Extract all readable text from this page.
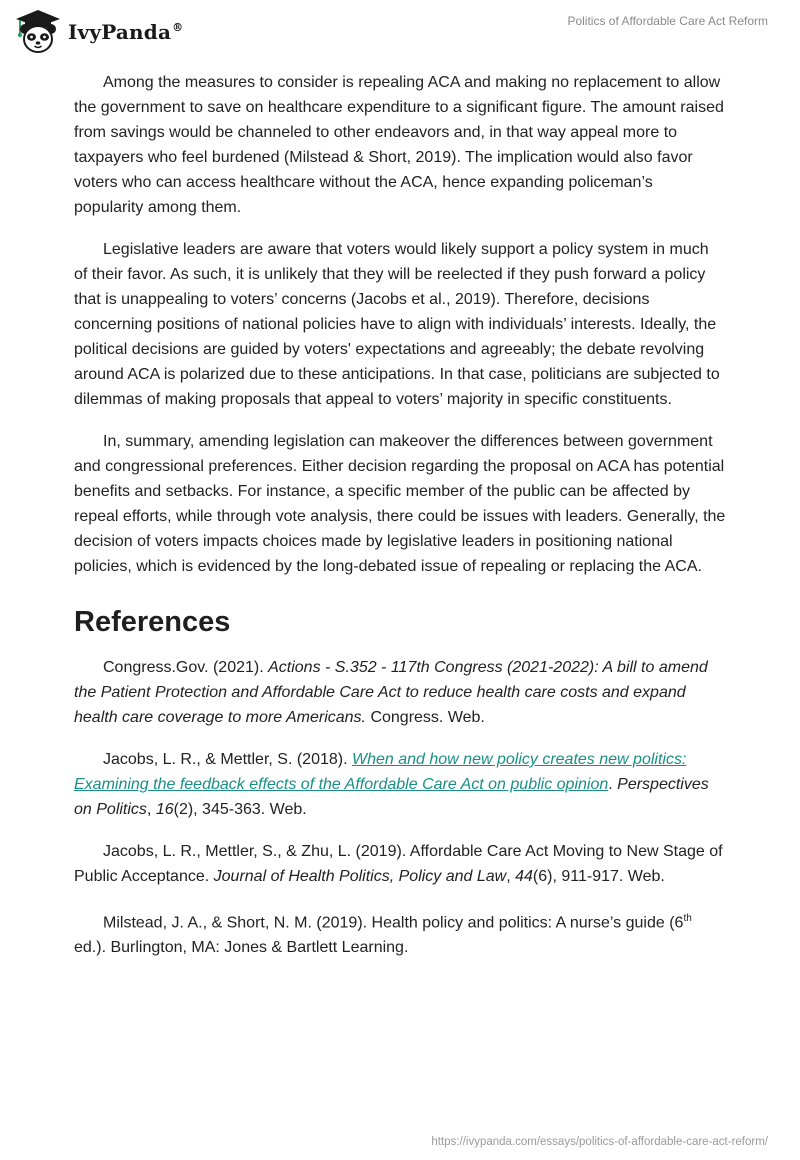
IvyPanda®	Politics of Affordable Care Act Reform

Among the measures to consider is repealing ACA and making no replacement to allow the government to save on healthcare expenditure to a significant figure. The amount raised from savings would be channeled to other endeavors and, in that way appeal more to taxpayers who feel burdened (Milstead & Short, 2019). The implication would also favor voters who can access healthcare without the ACA, hence expanding policeman’s popularity among them.

Legislative leaders are aware that voters would likely support a policy system in much of their favor. As such, it is unlikely that they will be reelected if they push forward a policy that is unappealing to voters’ concerns (Jacobs et al., 2019). Therefore, decisions concerning positions of national policies have to align with individuals’ interests. Ideally, the political decisions are guided by voters' expectations and agreeably; the debate revolving around ACA is polarized due to these anticipations. In that case, politicians are subjected to dilemmas of making proposals that appeal to voters’ majority in specific constituents.

In, summary, amending legislation can makeover the differences between government and congressional preferences. Either decision regarding the proposal on ACA has potential benefits and setbacks. For instance, a specific member of the public can be affected by repeal efforts, while through vote analysis, there could be issues with leaders. Generally, the decision of voters impacts choices made by legislative leaders in positioning national policies, which is evidenced by the long-debated issue of repealing or replacing the ACA.

References

Congress.Gov. (2021). Actions - S.352 - 117th Congress (2021-2022): A bill to amend the Patient Protection and Affordable Care Act to reduce health care costs and expand health care coverage to more Americans. Congress. Web.

Jacobs, L. R., & Mettler, S. (2018). When and how new policy creates new politics: Examining the feedback effects of the Affordable Care Act on public opinion. Perspectives on Politics, 16(2), 345-363. Web.

Jacobs, L. R., Mettler, S., & Zhu, L. (2019). Affordable Care Act Moving to New Stage of Public Acceptance. Journal of Health Politics, Policy and Law, 44(6), 911-917. Web.

Milstead, J. A., & Short, N. M. (2019). Health policy and politics: A nurse’s guide (6th ed.). Burlington, MA: Jones & Bartlett Learning.

https://ivypanda.com/essays/politics-of-affordable-care-act-reform/
